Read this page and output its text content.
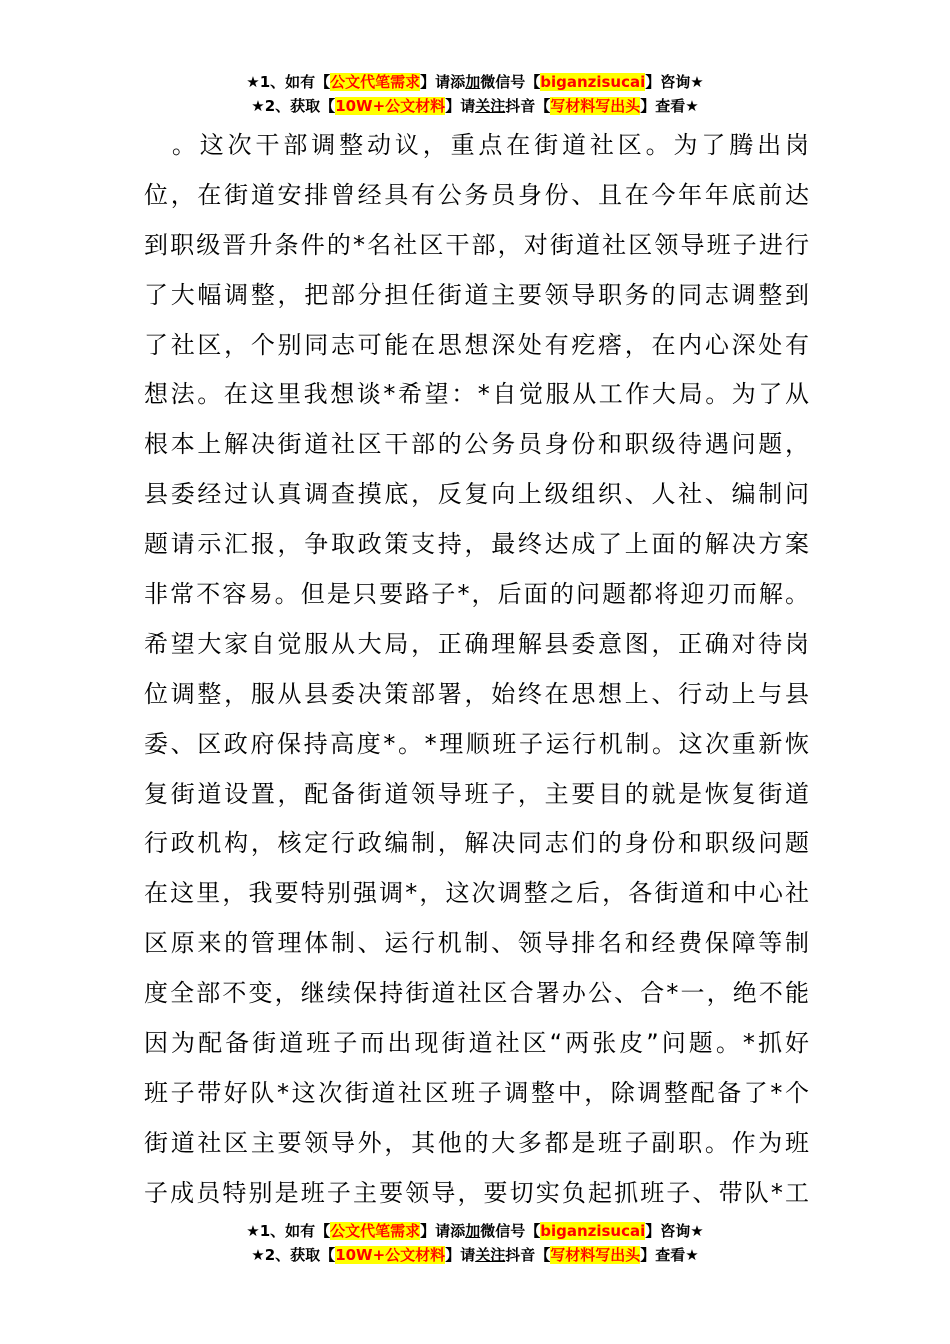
★1、如有【公文代笔需求】请添加微信号【biganzisucai】咨询★
★2、获取【10W+公文材料】请关注抖音【写材料写出头】查看★
　。这次干部调整动议，重点在街道社区。为了腾出岗
位，在街道安排曾经具有公务员身份、且在今年年底前达
到职级晋升条件的*名社区干部，对街道社区领导班子进行
了大幅调整，把部分担任街道主要领导职务的同志调整到
了社区，个别同志可能在思想深处有疙瘩，在内心深处有
想法。在这里我想谈*希望：*自觉服从工作大局。为了从
根本上解决街道社区干部的公务员身份和职级待遇问题，
县委经过认真调查摸底，反复向上级组织、人社、编制问
题请示汇报，争取政策支持，最终达成了上面的解决方案
非常不容易。但是只要路子*，后面的问题都将迎刃而解。
希望大家自觉服从大局，正确理解县委意图，正确对待岗
位调整，服从县委决策部署，始终在思想上、行动上与县
委、区政府保持高度*。*理顺班子运行机制。这次重新恢
复街道设置，配备街道领导班子，主要目的就是恢复街道
行政机构，核定行政编制，解决同志们的身份和职级问题
在这里，我要特别强调*，这次调整之后，各街道和中心社
区原来的管理体制、运行机制、领导排名和经费保障等制
度全部不变，继续保持街道社区合署办公、合*一，绝不能
因为配备街道班子而出现街道社区“两张皮”问题。*抓好
班子带好队*这次街道社区班子调整中，除调整配备了*个
街道社区主要领导外，其他的大多都是班子副职。作为班
子成员特别是班子主要领导，要切实负起抓班子、带队*工
★1、如有【公文代笔需求】请添加微信号【biganzisucai】咨询★
★2、获取【10W+公文材料】请关注抖音【写材料写出头】查看★
